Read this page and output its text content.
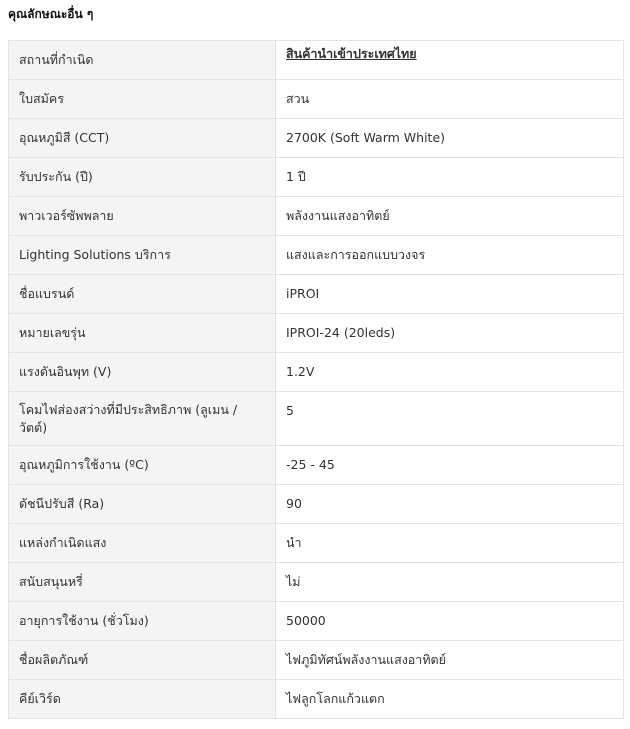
คุณลักษณะอื่น ๆ
สถานที่กำเนิด	สินค้านำเข้าประเทศไทย
ใบสมัคร	สวน
อุณหภูมิสี (CCT)	2700K (Soft Warm White)
รับประกัน (ปี)	1 ปี
พาวเวอร์ซัพพลาย	พลังงานแสงอาทิตย์
Lighting Solutions บริการ	แสงและการออกแบบวงจร
ชื่อแบรนด์	iPROI
หมายเลขรุ่น	IPROI-24 (20leds)
แรงดันอินพุท (V)	1.2V
โคมไฟส่องสว่างที่มีประสิทธิภาพ (ลูเมน / วัตต์)	5
อุณหภูมิการใช้งาน (ºC)	-25 - 45
ดัชนีปรับสี (Ra)	90
แหล่งกำเนิดแสง	นำ
สนับสนุนหรี่	ไม่
อายุการใช้งาน (ชั่วโมง)	50000
ชื่อผลิตภัณฑ์	ไฟภูมิทัศน์พลังงานแสงอาทิตย์
คีย์เวิร์ด	ไฟลูกโลกแก้วแตก
